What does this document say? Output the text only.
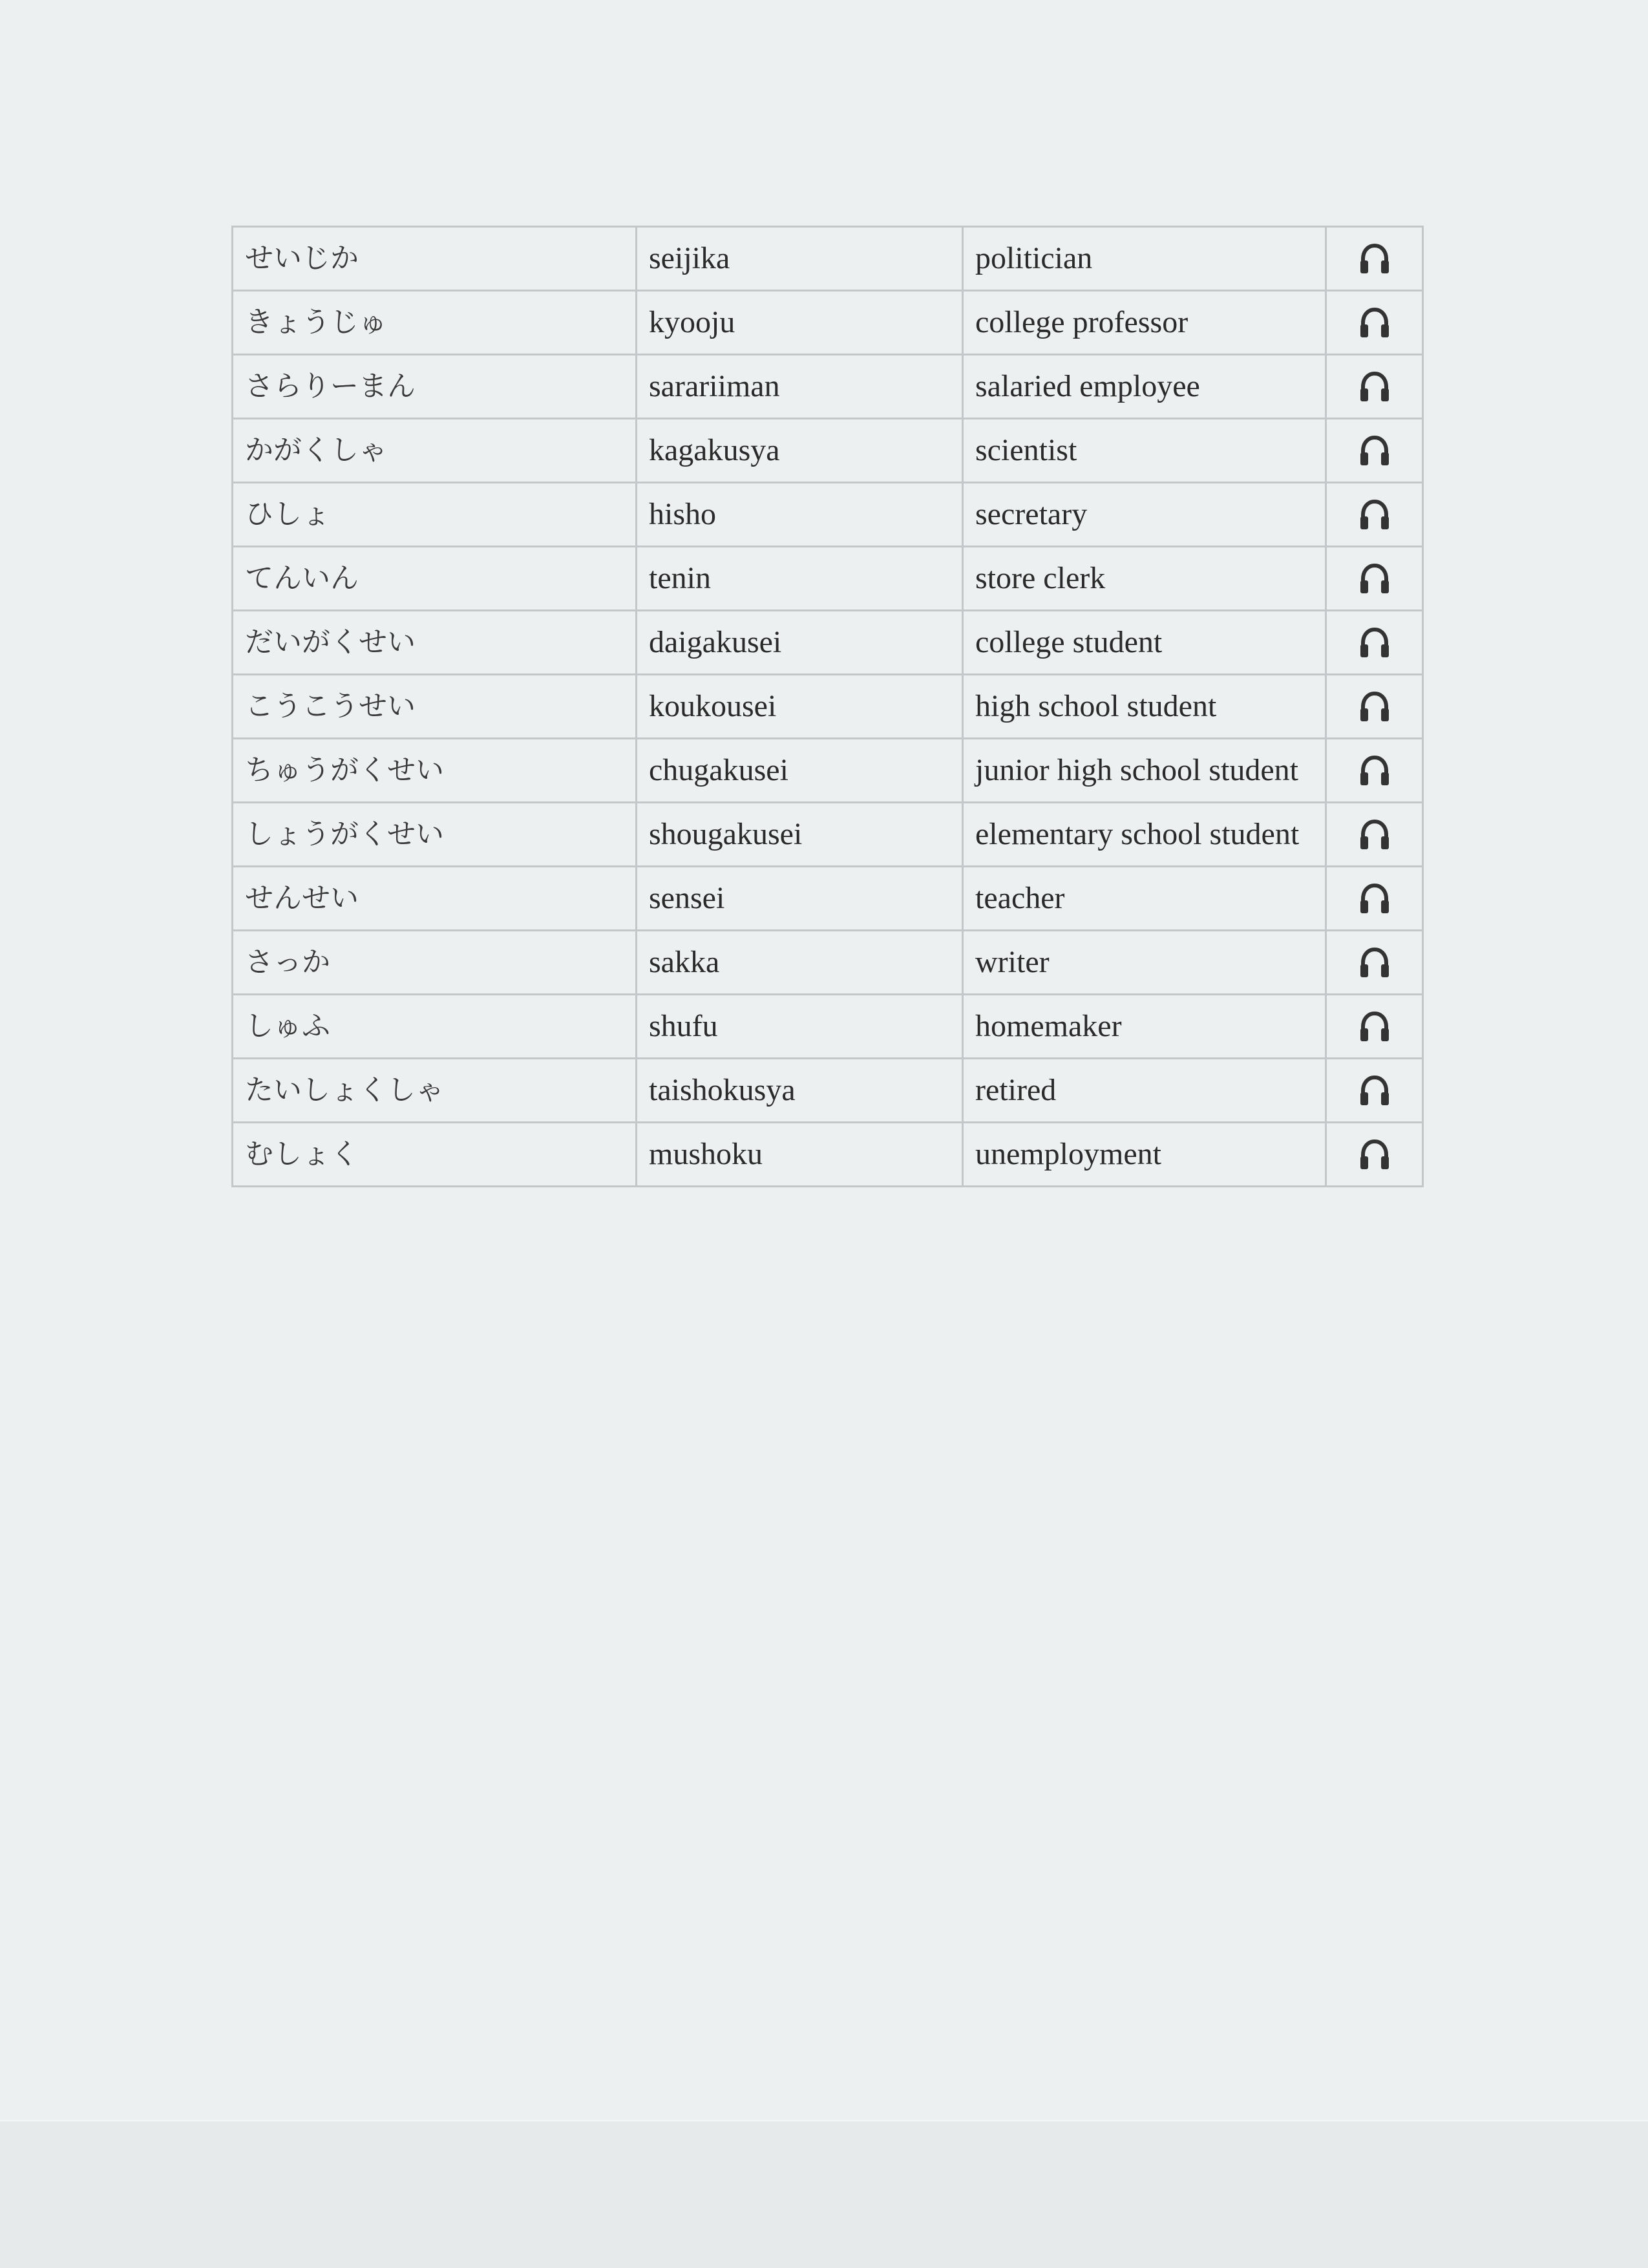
せいじか	seijika	politician	
きょうじゅ	kyooju	college professor	
さらりーまん	sarariiman	salaried employee	
かがくしゃ	kagakusya	scientist	
ひしょ	hisho	secretary	
てんいん	tenin	store clerk	
だいがくせい	daigakusei	college student	
こうこうせい	koukousei	high school student	
ちゅうがくせい	chugakusei	junior high school student	
しょうがくせい	shougakusei	elementary school student	
せんせい	sensei	teacher	
さっか	sakka	writer	
しゅふ	shufu	homemaker	
たいしょくしゃ	taishokusya	retired	
むしょく	mushoku	unemployment	
